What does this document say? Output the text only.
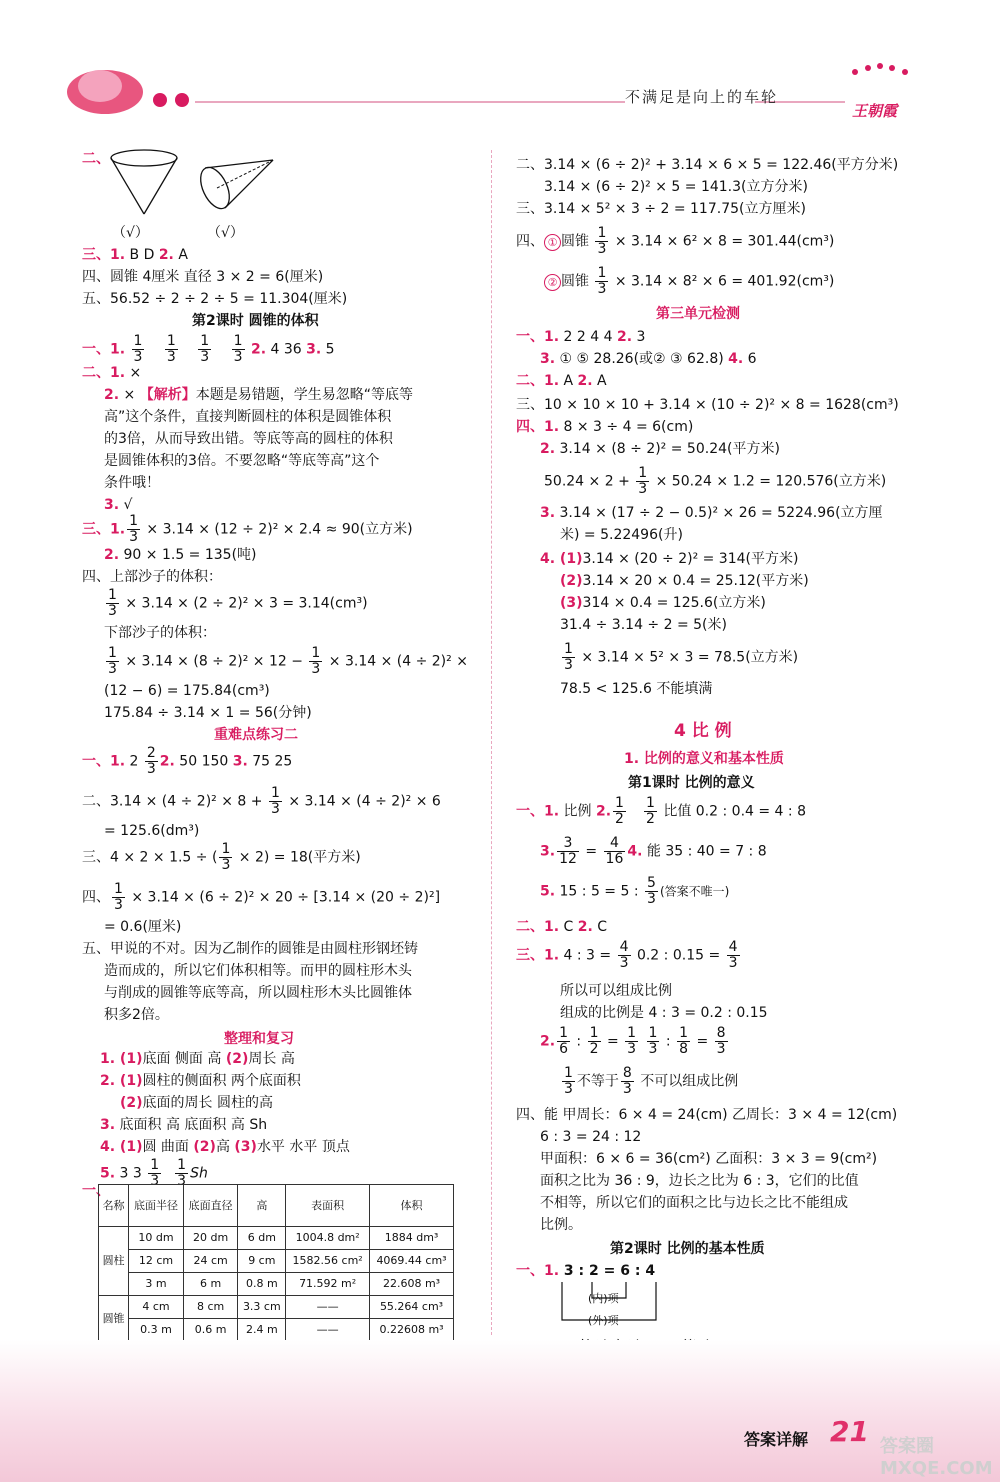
不满足是向上的车轮
王朝霞
二、
（√）	（√）
三、1. B D 2. A
四、圆锥 4厘米 直径 3 × 2 = 6(厘米)
五、56.52 ÷ 2 ÷ 2 ÷ 5 = 11.304(厘米)
第2课时 圆锥的体积
一、1. $\frac{1}{3}$
$\frac{1}{3}$
$\frac{1}{3}$
$\frac{1}{3} 2$. 4 36 3. 5
二、1. ×
2. × 【解析】本题是易错题，学生易忽略“等底等
高”这个条件，直接判断圆柱的体积是圆锥体积
的3倍，从而导致出错。等底等高的圆柱的体积
是圆锥体积的3倍。不要忽略“等底等高”这个
条件哦！
3. √
三、1. $\frac{1}{3} \times 3.14 \times (12 \div 2)^2 \times 2.4 \approx 90$(立方米)
2. 90 × 1.5 = 135(吨)
四、上部沙子的体积：
$\frac{1}{3} \times 3.14 \times (2 \div 2)^2 \times 3 = 3.14(cm^3)$
下部沙子的体积：
$\frac{1}{3} \times 3.14 \times (8 \div 2)^2 \times 12 - \frac{1}{3} \times 3.14 \times (4 \div 2)^2$ ×
(12 − 6) = 175.84(cm³)
175.84 ÷ 3.14 × 1 = 56(分钟)
重难点练习二
一、1. $2 \frac{2}{3} 2$. 50 150 3. 75 25
二、$3.14 \times (4 \div 2)^2 \times 8 + \frac{1}{3} \times 3.14 \times (4 \div 2)^2 \times 6$
= 125.6(dm³)
三、4 × 2 × 1.5 ÷ ( $\frac{1}{3} \times 2) = 18$(平方米)
四、 $\frac{1}{3} \times 3.14 \times (6 \div 2)^2 \times 20 \div [3.14 \times (20 \div 2)^2]$
= 0.6(厘米)
五、甲说的不对。因为乙制作的圆锥是由圆柱形钢坯铸
造而成的，所以它们体积相等。而甲的圆柱形木头
与削成的圆锥等底等高，所以圆柱形木头比圆锥体
积多2倍。
整理和复习
1. (1)底面 侧面 高 (2)周长 高
2. (1)圆柱的侧面积 两个底面积
(2)底面的周长 圆柱的高
3. 底面积 高 底面积 高 Sh
4. (1)圆 曲面 (2)高 (3)水平 水平 顶点
5. 3 $3 \frac{1}{3} \frac{1}{3}$ Sh
一、
名称	底面半径	底面直径	高	表面积	体积
圆柱	10 dm	20 dm	6 dm	1004.8 dm²	1884 dm³
	12 cm	24 cm	9 cm	1582.56 cm²	4069.44 cm³
	3 m	6 m	0.8 m	71.592 m²	22.608 m³
圆锥	4 cm	8 cm	3.3 cm	——	55.264 cm³
	0.3 m	0.6 m	2.4 m	——	0.22608 m³
二、3.14 × (6 ÷ 2)² + 3.14 × 6 × 5 = 122.46(平方分米)
3.14 × (6 ÷ 2)² × 5 = 141.3(立方分米)
三、3.14 × 5² × 3 ÷ 2 = 117.75(立方厘米)
四、 ① 圆锥 $\frac{1}{3} \times 3.14 \times 6^2 \times 8 = 301.44(cm^3)$
② 圆锥 $\frac{1}{3} \times 3.14 \times 8^2 \times 6 = 401.92(cm^3)$
第三单元检测
一、1. 2 2 4 4 2. 3
3. ① ⑤ 28.26(或② ③ 62.8) 4. 6
二、1. A 2. A
三、10 × 10 × 10 + 3.14 × (10 ÷ 2)² × 8 = 1628(cm³)
四、1. 8 × 3 ÷ 4 = 6(cm)
2. 3.14 × (8 ÷ 2)² = 50.24(平方米)
$50.24 \times 2 + \frac{1}{3} \times 50.24 \times 1.2 = 120.576$(立方米)
3. 3.14 × (17 ÷ 2 − 0.5)² × 26 = 5224.96(立方厘
米) = 5.22496(升)
4. (1)3.14 × (20 ÷ 2)² = 314(平方米)
(2)3.14 × 20 × 0.4 = 25.12(平方米)
(3)314 × 0.4 = 125.6(立方米)
31.4 ÷ 3.14 ÷ 2 = 5(米)
$\frac{1}{3} \times 3.14 \times 5^2 \times 3 = 78.5$(立方米)
78.5 < 125.6 不能填满
4 比 例
1. 比例的意义和基本性质
第1课时 比例的意义
一、1. 比例 2. $\frac{1}{2} \frac{1}{2}$ 比值 0.2 : 0.4 = 4 : 8
3. $\frac{3}{12} = \frac{4}{16} 4$. 能 35 : 40 = 7 : 8
5. 15 : 5 = 5 : $\frac{5}{3}$ (答案不唯一)
二、1. C 2. C
三、1. 4 : $3 = \frac{4}{3} 0.2$ : $0.15 = \frac{4}{3}$
所以可以组成比例
组成的比例是 4 : 3 = 0.2 : 0.15
2. $\frac{1}{6}$ : $\frac{1}{2} = \frac{1}{3}$
$\frac{1}{3}$ : $\frac{1}{8} = \frac{8}{3}$
$\frac{1}{3}$ 不等于 $\frac{8}{3}$ 不可以组成比例
四、能 甲周长：6 × 4 = 24(cm) 乙周长：3 × 4 = 12(cm)
6 : 3 = 24 : 12
甲面积：6 × 6 = 36(cm²) 乙面积：3 × 3 = 9(cm²)
面积之比为 36 : 9，边长之比为 6 : 3，它们的比值
不相等，所以它们的面积之比与边长之比不能组成
比例。
第2课时 比例的基本性质
一、1. 3 : 2 = 6 : 4
(内)项
(外)项
答案详解 21 答案圈 MXQE.COM
